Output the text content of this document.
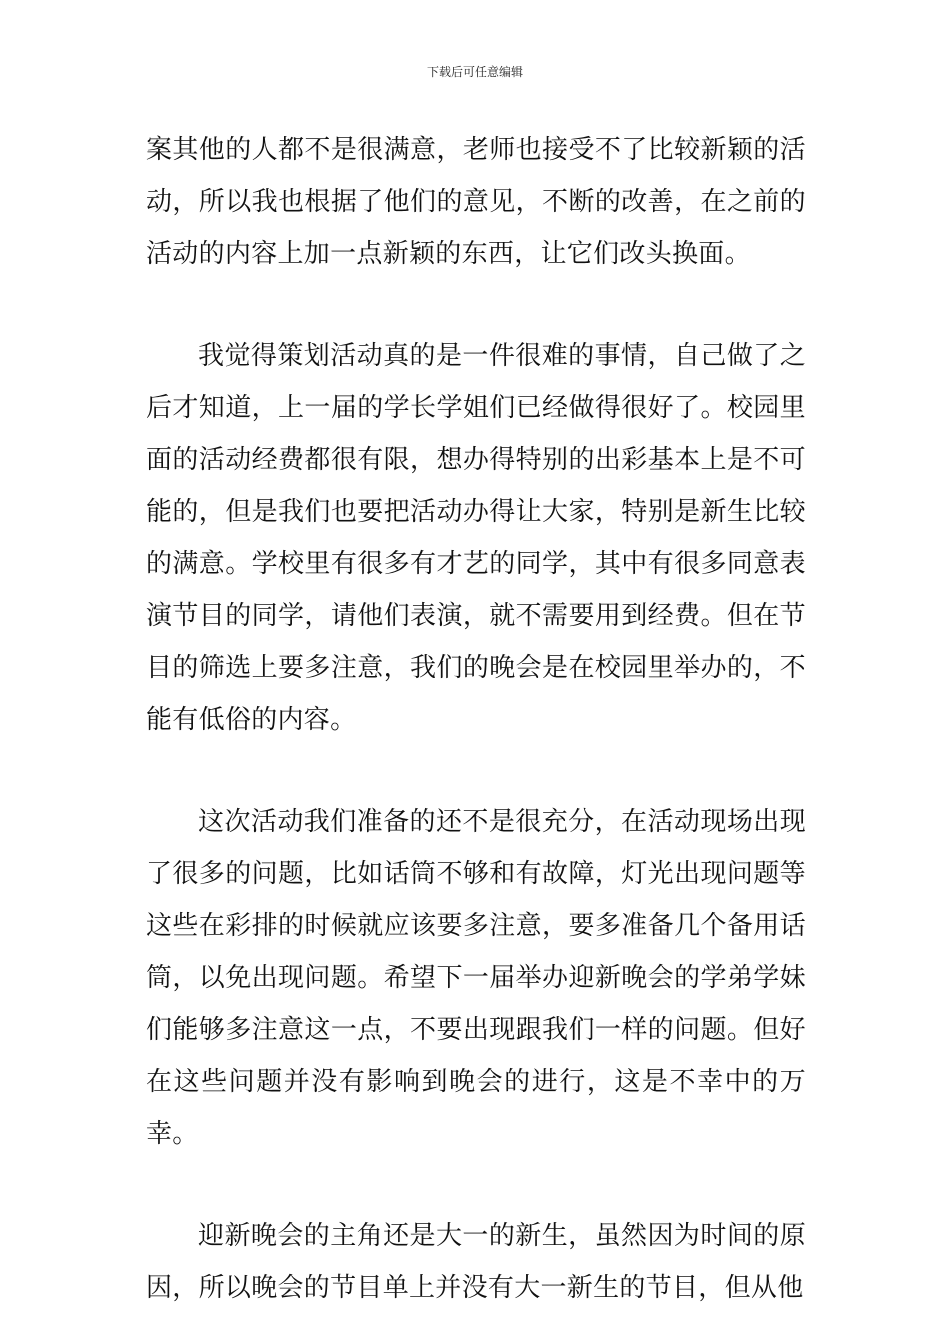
下载后可任意编辑

案其他的人都不是很满意，老师也接受不了比较新颖的活动，所以我也根据了他们的意见，不断的改善，在之前的活动的内容上加一点新颖的东西，让它们改头换面。

我觉得策划活动真的是一件很难的事情，自己做了之后才知道，上一届的学长学姐们已经做得很好了。校园里面的活动经费都很有限，想办得特别的出彩基本上是不可能的，但是我们也要把活动办得让大家，特别是新生比较的满意。学校里有很多有才艺的同学，其中有很多同意表演节目的同学，请他们表演，就不需要用到经费。但在节目的筛选上要多注意，我们的晚会是在校园里举办的，不能有低俗的内容。

这次活动我们准备的还不是很充分，在活动现场出现了很多的问题，比如话筒不够和有故障，灯光出现问题等这些在彩排的时候就应该要多注意，要多准备几个备用话筒，以免出现问题。希望下一届举办迎新晚会的学弟学妹们能够多注意这一点，不要出现跟我们一样的问题。但好在这些问题并没有影响到晚会的进行，这是不幸中的万幸。

迎新晚会的主角还是大一的新生，虽然因为时间的原因，所以晚会的节目单上并没有大一新生的节目，但从他
